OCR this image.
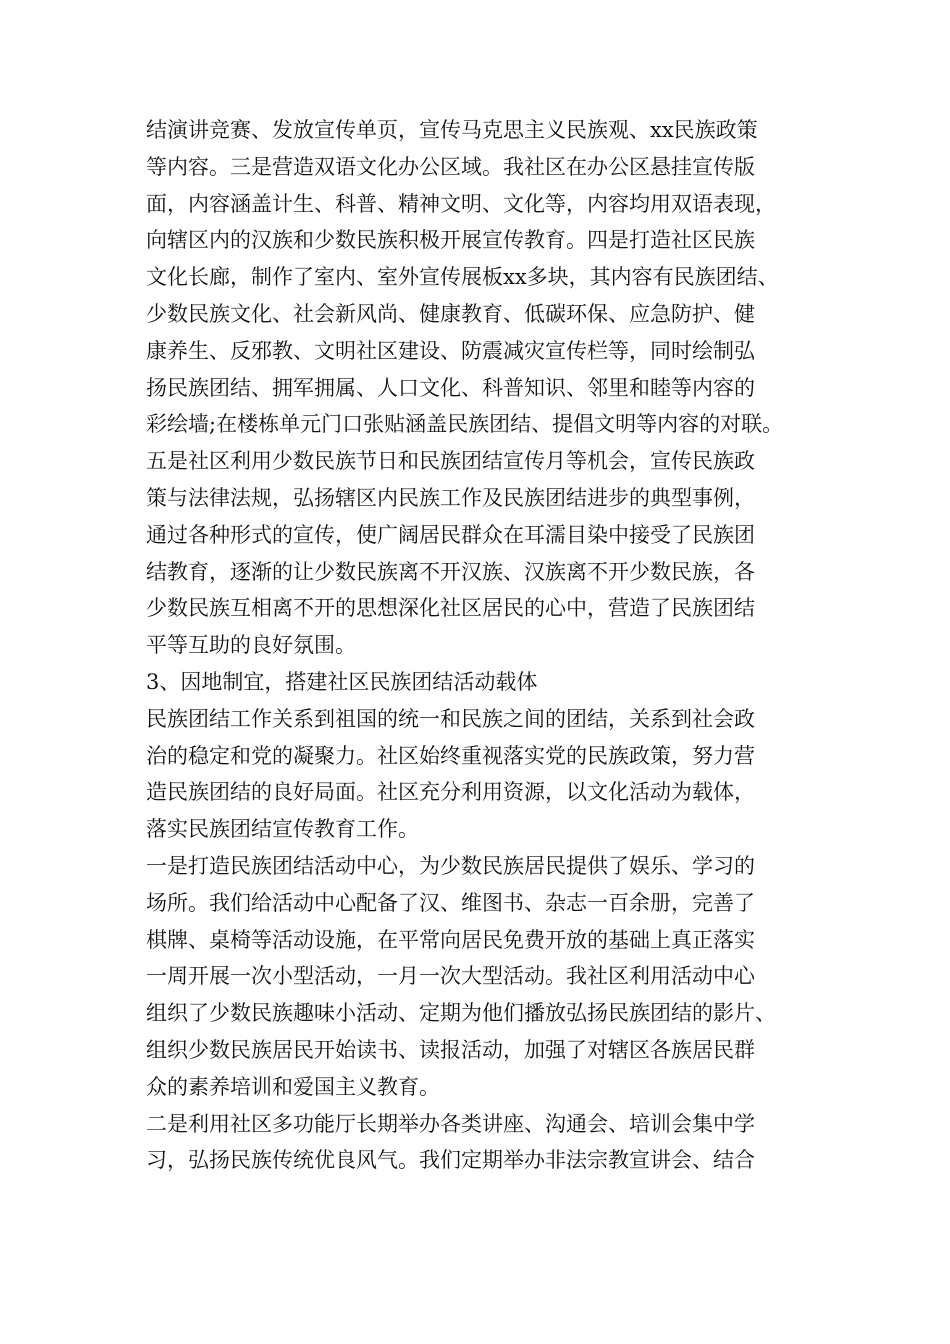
结演讲竞赛、发放宣传单页，宣传马克思主义民族观、xx民族政策
等内容。三是营造双语文化办公区域。我社区在办公区悬挂宣传版
面，内容涵盖计生、科普、精神文明、文化等，内容均用双语表现，
向辖区内的汉族和少数民族积极开展宣传教育。四是打造社区民族
文化长廊，制作了室内、室外宣传展板xx多块，其内容有民族团结、
少数民族文化、社会新风尚、健康教育、低碳环保、应急防护、健
康养生、反邪教、文明社区建设、防震减灾宣传栏等，同时绘制弘
扬民族团结、拥军拥属、人口文化、科普知识、邻里和睦等内容的
彩绘墙;在楼栋单元门口张贴涵盖民族团结、提倡文明等内容的对联。
五是社区利用少数民族节日和民族团结宣传月等机会，宣传民族政
策与法律法规，弘扬辖区内民族工作及民族团结进步的典型事例，
通过各种形式的宣传，使广阔居民群众在耳濡目染中接受了民族团
结教育，逐渐的让少数民族离不开汉族、汉族离不开少数民族，各
少数民族互相离不开的思想深化社区居民的心中，营造了民族团结
平等互助的良好氛围。
3、因地制宜，搭建社区民族团结活动载体
民族团结工作关系到祖国的统一和民族之间的团结，关系到社会政
治的稳定和党的凝聚力。社区始终重视落实党的民族政策，努力营
造民族团结的良好局面。社区充分利用资源，以文化活动为载体，
落实民族团结宣传教育工作。
一是打造民族团结活动中心，为少数民族居民提供了娱乐、学习的
场所。我们给活动中心配备了汉、维图书、杂志一百余册，完善了
棋牌、桌椅等活动设施，在平常向居民免费开放的基础上真正落实
一周开展一次小型活动，一月一次大型活动。我社区利用活动中心
组织了少数民族趣味小活动、定期为他们播放弘扬民族团结的影片、
组织少数民族居民开始读书、读报活动，加强了对辖区各族居民群
众的素养培训和爱国主义教育。
二是利用社区多功能厅长期举办各类讲座、沟通会、培训会集中学
习，弘扬民族传统优良风气。我们定期举办非法宗教宣讲会、结合
